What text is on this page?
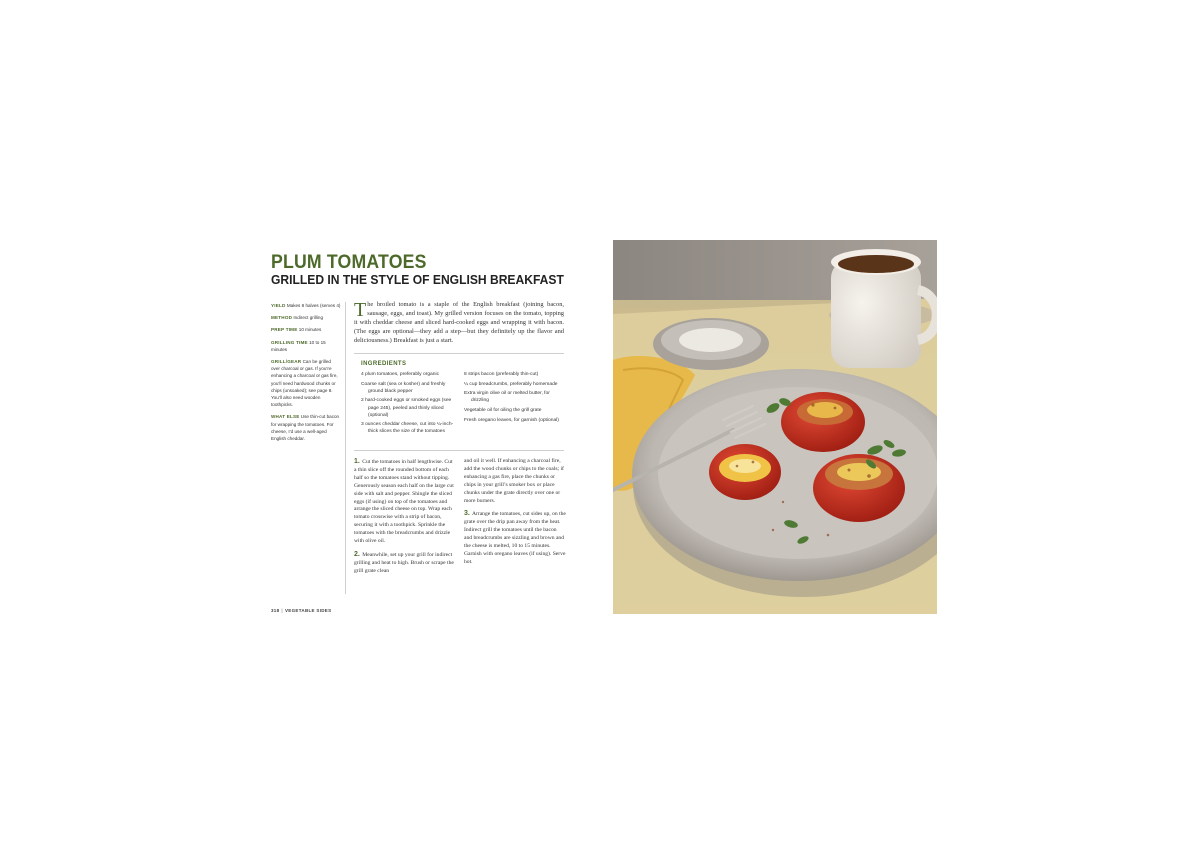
PLUM TOMATOES
GRILLED IN THE STYLE OF ENGLISH BREAKFAST
YIELD Makes 8 halves (serves 4)
METHOD Indirect grilling
PREP TIME 10 minutes
GRILLING TIME 10 to 15 minutes
GRILL/GEAR Can be grilled over charcoal or gas. If you’re enhancing a charcoal or gas fire, you’ll need hardwood chunks or chips (unsoaked); see page 8. You’ll also need wooden toothpicks.
WHAT ELSE Use thin-cut bacon for wrapping the tomatoes. For cheese, I’d use a well-aged English cheddar.
The broiled tomato is a staple of the English breakfast (joining bacon, sausage, eggs, and toast). My grilled version focuses on the tomato, topping it with cheddar cheese and sliced hard-cooked eggs and wrapping it with bacon. (The eggs are optional—they add a step—but they definitely up the flavor and deliciousness.) Breakfast is just a start.
INGREDIENTS
4 plum tomatoes, preferably organic
Coarse salt (sea or kosher) and freshly ground black pepper
2 hard-cooked eggs or smoked eggs (see page 245), peeled and thinly sliced (optional)
3 ounces cheddar cheese, cut into ¼-inch-thick slices the size of the tomatoes
8 strips bacon (preferably thin-cut)
¼ cup breadcrumbs, preferably homemade
Extra virgin olive oil or melted butter, for drizzling
Vegetable oil for oiling the grill grate
Fresh oregano leaves, for garnish (optional)
1. Cut the tomatoes in half lengthwise. Cut a thin slice off the rounded bottom of each half so the tomatoes stand without tipping. Generously season each half on the large cut side with salt and pepper. Shingle the sliced eggs (if using) on top of the tomatoes and arrange the sliced cheese on top. Wrap each tomato crosswise with a strip of bacon, securing it with a toothpick. Sprinkle the tomatoes with the breadcrumbs and drizzle with olive oil.
2. Meanwhile, set up your grill for indirect grilling and heat to high. Brush or scrape the grill grate clean
and oil it well. If enhancing a charcoal fire, add the wood chunks or chips to the coals; if enhancing a gas fire, place the chunks or chips in your grill’s smoker box or place chunks under the grate directly over one or more burners.
3. Arrange the tomatoes, cut sides up, on the grate over the drip pan away from the heat. Indirect grill the tomatoes until the bacon and breadcrumbs are sizzling and brown and the cheese is melted, 10 to 15 minutes. Garnish with oregano leaves (if using). Serve hot.
318 | VEGETABLE SIDES
